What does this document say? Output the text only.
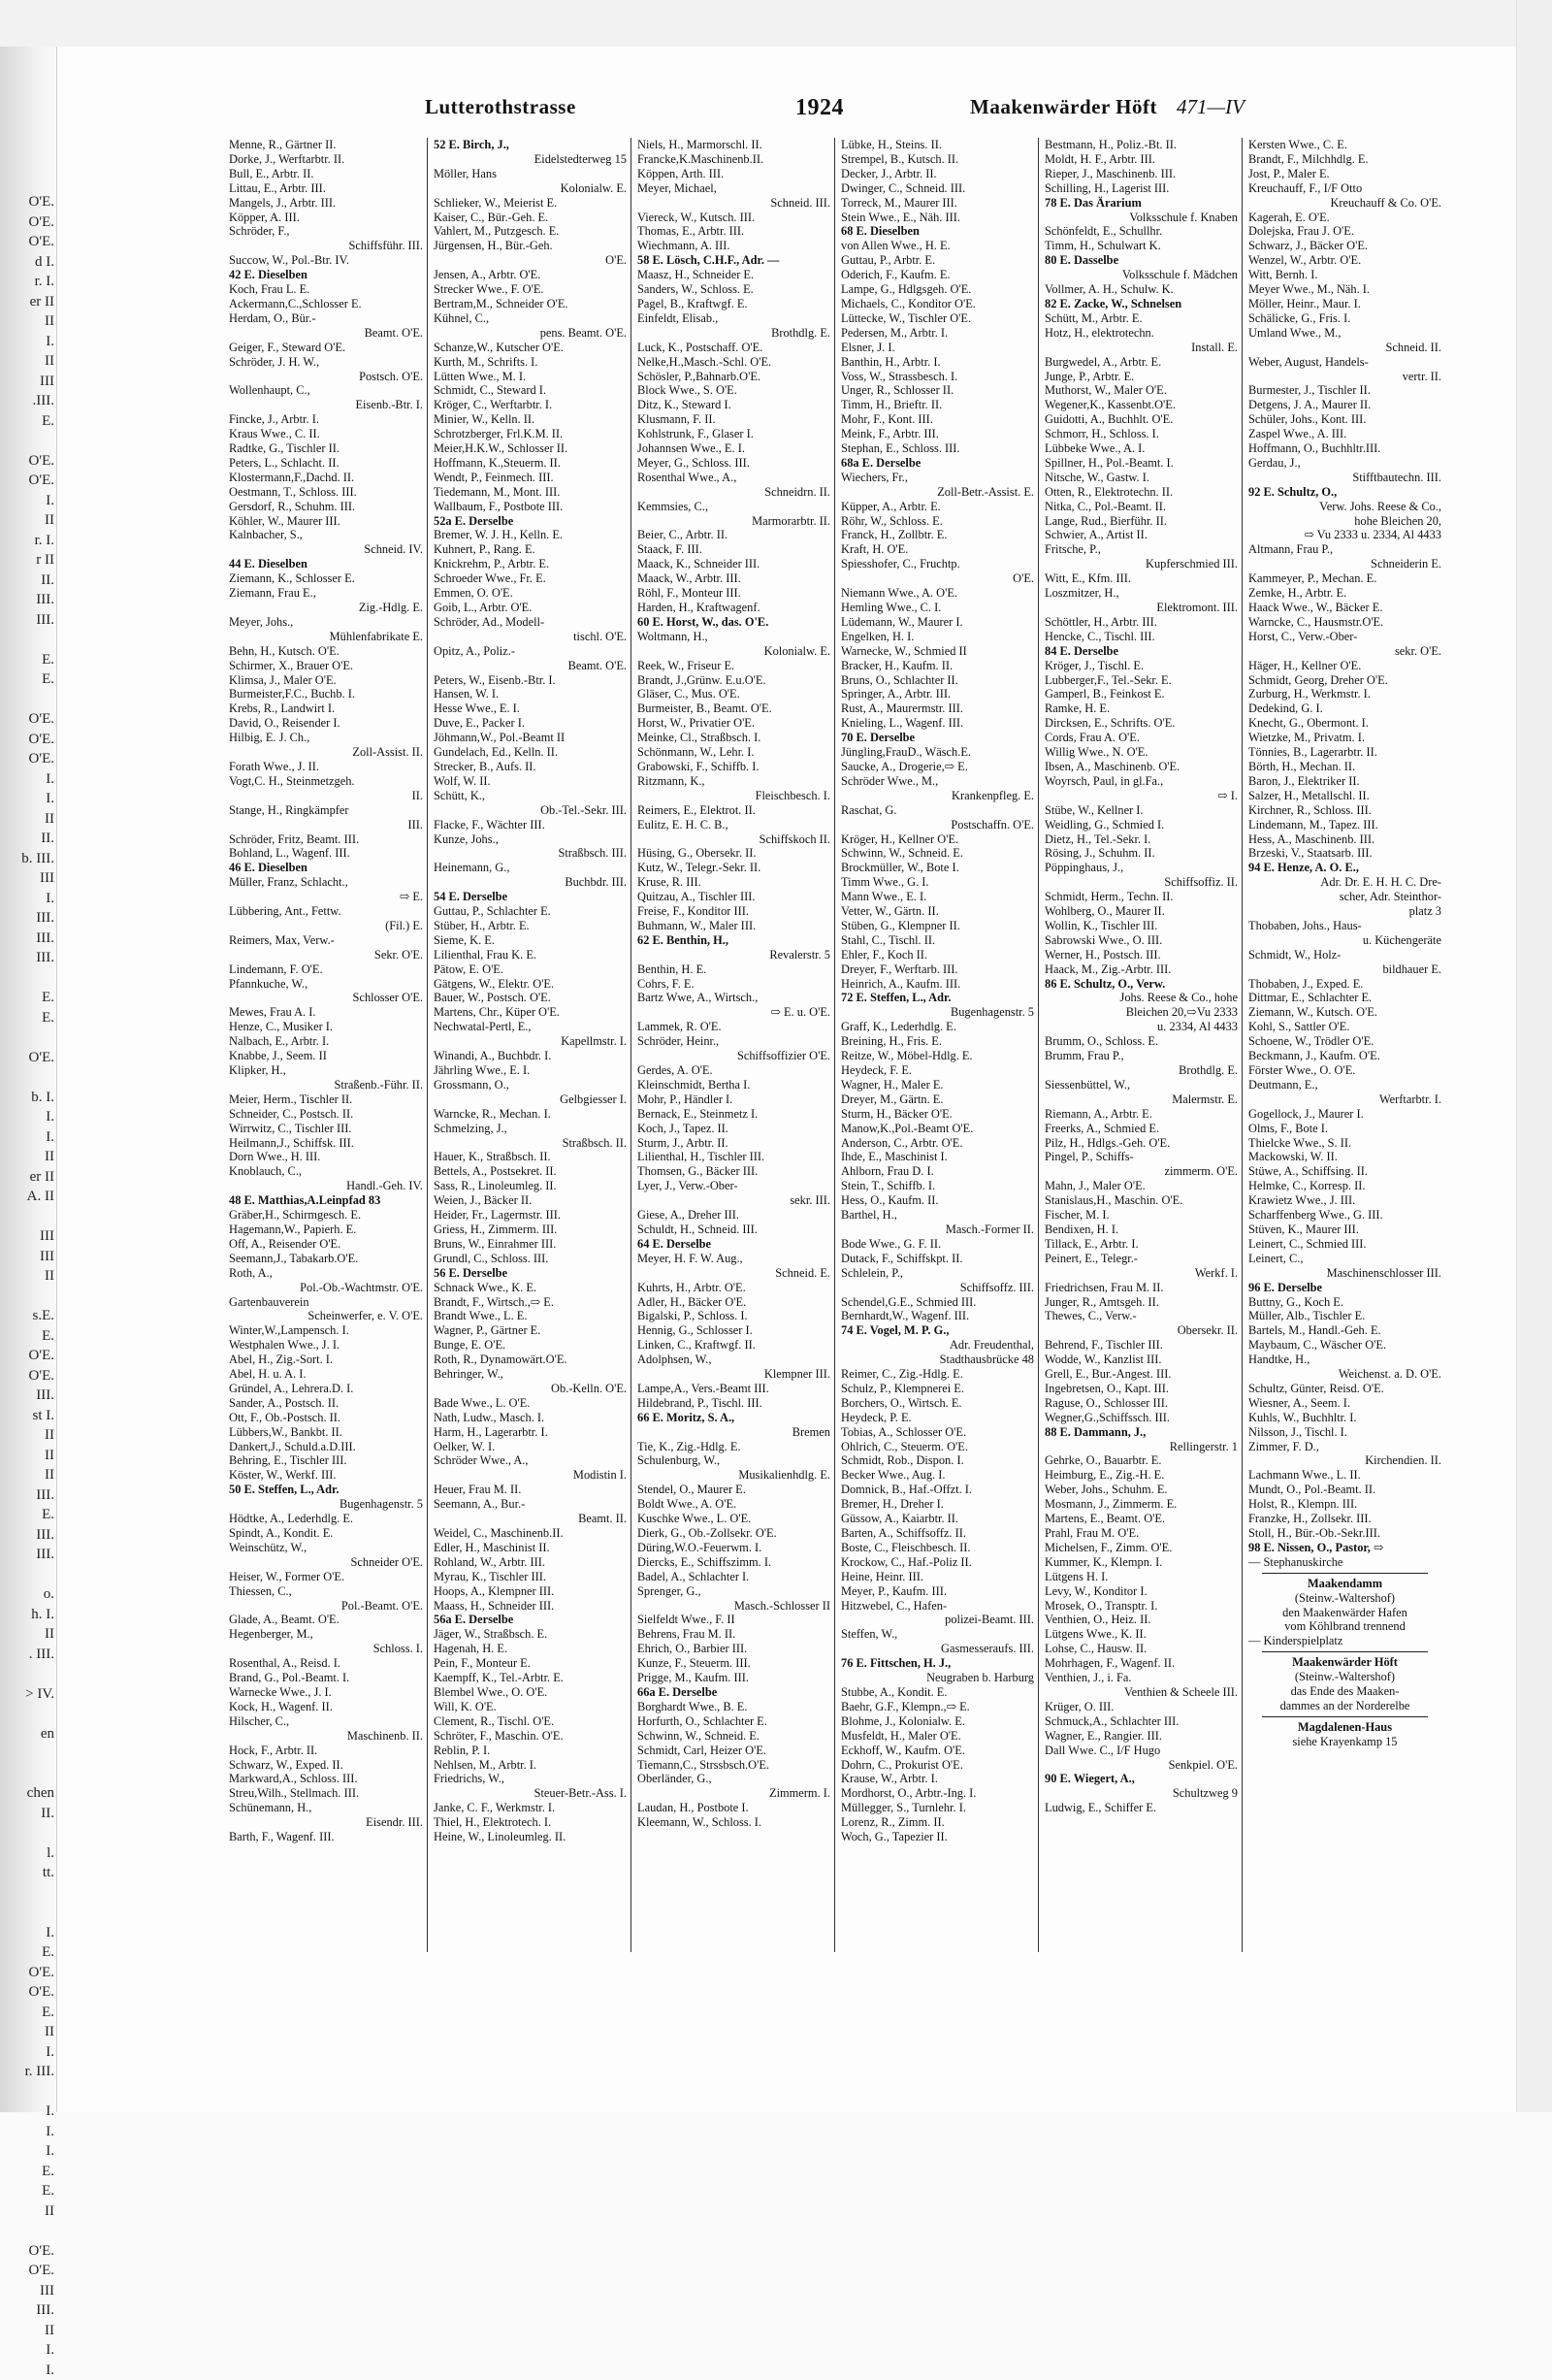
O'E.
O'E.
O'E.
d I.
r. I.
er II
II
I.
II
III
.III.
E.

O'E.
O'E.
I.
II
r. I.
r II
II.
III.
III.

E.
E.

O'E.
O'E.
O'E.
I.
I.
II
II.
b. III.
III
I.
III.
III.
III.

E.
E.

O'E.

b. I.
I.
I.
II
er II
A. II

III
III
II

s.E.
E.
O'E.
O'E.
III.
st I.
II
II
II
III.
E.
III.
III.

o.
h. I.
II
. III.

> IV.

en

chen
II.

l.
tt.

I.
E.
O'E.
O'E.
E.
II
I.
r. III.

I.
I.
I.
E.
E.
II

O'E.
O'E.
III
III.
II
I.
I.
Lutterothstrasse	1924	Maakenwärder Höft 471—IV
Menne, R., Gärtner II.
Dorke, J., Werftarbtr. II.
Bull, E., Arbtr. II.
Littau, E., Arbtr. III.
Mangels, J., Arbtr. III.
Köpper, A. III.
Schröder, F.,
Schiffsführ. III.
Succow, W., Pol.-Btr. IV.
42 E. Dieselben
Koch, Frau L. E.
Ackermann,C.,Schlosser E.
Herdam, O., Bür.-
Beamt. O'E.
Geiger, F., Steward O'E.
Schröder, J. H. W.,
Postsch. O'E.
Wollenhaupt, C.,
Eisenb.-Btr. I.
Fincke, J., Arbtr. I.
Kraus Wwe., C. II.
Radtke, G., Tischler II.
Peters, L., Schlacht. II.
Klostermann,F.,Dachd. II.
Oestmann, T., Schloss. III.
Gersdorf, R., Schuhm. III.
Köhler, W., Maurer III.
Kalnbacher, S.,
Schneid. IV.
44 E. Dieselben
Ziemann, K., Schlosser E.
Ziemann, Frau E.,
Zig.-Hdlg. E.
Meyer, Johs.,
Mühlenfabrikate E.
Behn, H., Kutsch. O'E.
Schirmer, X., Brauer O'E.
Klimsa, J., Maler O'E.
Burmeister,F.C., Buchb. I.
Krebs, R., Landwirt I.
David, O., Reisender I.
Hilbig, E. J. Ch.,
Zoll-Assist. II.
Forath Wwe., J. II.
Vogt,C. H., Steinmetzgeh.
II.
Stange, H., Ringkämpfer
III.
Schröder, Fritz, Beamt. III.
Bohland, L., Wagenf. III.
46 E. Dieselben
Müller, Franz, Schlacht.,
⇨ E.
Lübbering, Ant., Fettw.
(Fil.) E.
Reimers, Max, Verw.-
Sekr. O'E.
Lindemann, F. O'E.
Pfannkuche, W.,
Schlosser O'E.
Mewes, Frau A. I.
Henze, C., Musiker I.
Nalbach, E., Arbtr. I.
Knabbe, J., Seem. II
Klipker, H.,
Straßenb.-Führ. II.
Meier, Herm., Tischler II.
Schneider, C., Postsch. II.
Wirrwitz, C., Tischler III.
Heilmann,J., Schiffsk. III.
Dorn Wwe., H. III.
Knoblauch, C.,
Handl.-Geh. IV.
48 E. Matthias,A.Leinpfad 83
Gräber,H., Schirmgesch. E.
Hagemann,W., Papierh. E.
Off, A., Reisender O'E.
Seemann,J., Tabakarb.O'E.
Roth, A.,
Pol.-Ob.-Wachtmstr. O'E.
Gartenbauverein
Scheinwerfer, e. V. O'E.
Winter,W.,Lampensch. I.
Westphalen Wwe., J. I.
Abel, H., Zig.-Sort. I.
Abel, H. u. A. I.
Gründel, A., Lehrera.D. I.
Sander, A., Postsch. II.
Ott, F., Ob.-Postsch. II.
Lübbers,W., Bankbt. II.
Dankert,J., Schuld.a.D.III.
Behring, E., Tischler III.
Köster, W., Werkf. III.
50 E. Steffen, L., Adr.
Bugenhagenstr. 5
Hödtke, A., Lederhdlg. E.
Spindt, A., Kondit. E.
Weinschütz, W.,
Schneider O'E.
Heiser, W., Former O'E.
Thiessen, C.,
Pol.-Beamt. O'E.
Glade, A., Beamt. O'E.
Hegenberger, M.,
Schloss. I.
Rosenthal, A., Reisd. I.
Brand, G., Pol.-Beamt. I.
Warnecke Wwe., J. I.
Kock, H., Wagenf. II.
Hilscher, C.,
Maschinenb. II.
Hock, F., Arbtr. II.
Schwarz, W., Exped. II.
Markward,A., Schloss. III.
Streu,Wilh., Stellmach. III.
Schünemann, H.,
Eisendr. III.
Barth, F., Wagenf. III.
52 E. Birch, J.,
Eidelstedterweg 15
Möller, Hans
Kolonialw. E.
Schlieker, W., Meierist E.
Kaiser, C., Bür.-Geh. E.
Vahlert, M., Putzgesch. E.
Jürgensen, H., Bür.-Geh.
O'E.
Jensen, A., Arbtr. O'E.
Strecker Wwe., F. O'E.
Bertram,M., Schneider O'E.
Kühnel, C.,
pens. Beamt. O'E.
Schanze,W., Kutscher O'E.
Kurth, M., Schrifts. I.
Lütten Wwe., M. I.
Schmidt, C., Steward I.
Kröger, C., Werftarbtr. I.
Minier, W., Kelln. II.
Schrotzberger, Frl.K.M. II.
Meier,H.K.W., Schlosser II.
Hoffmann, K.,Steuerm. II.
Wendt, P., Feinmech. III.
Tiedemann, M., Mont. III.
Wallbaum, F., Postbote III.
52a E. Derselbe
Bremer, W. J. H., Kelln. E.
Kuhnert, P., Rang. E.
Knickrehm, P., Arbtr. E.
Schroeder Wwe., Fr. E.
Emmen, O. O'E.
Goib, L., Arbtr. O'E.
Schröder, Ad., Modell-
tischl. O'E.
Opitz, A., Poliz.-
Beamt. O'E.
Peters, W., Eisenb.-Btr. I.
Hansen, W. I.
Hesse Wwe., E. I.
Duve, E., Packer I.
Jöhmann,W., Pol.-Beamt II
Gundelach, Ed., Kelln. II.
Strecker, B., Aufs. II.
Wolf, W. II.
Schütt, K.,
Ob.-Tel.-Sekr. III.
Flacke, F., Wächter III.
Kunze, Johs.,
Straßbsch. III.
Heinemann, G.,
Buchbdr. III.
54 E. Derselbe
Guttau, P., Schlachter E.
Stüber, H., Arbtr. E.
Sieme, K. E.
Lilienthal, Frau K. E.
Pätow, E. O'E.
Gätgens, W., Elektr. O'E.
Bauer, W., Postsch. O'E.
Martens, Chr., Küper O'E.
Nechwatal-Pertl, E.,
Kapellmstr. I.
Winandi, A., Buchbdr. I.
Jährling Wwe., E. I.
Grossmann, O.,
Gelbgiesser I.
Warncke, R., Mechan. I.
Schmelzing, J.,
Straßbsch. II.
Hauer, K., Straßbsch. II.
Bettels, A., Postsekret. II.
Sass, R., Linoleumleg. II.
Weien, J., Bäcker II.
Heider, Fr., Lagermstr. III.
Griess, H., Zimmerm. III.
Bruns, W., Einrahmer III.
Grundl, C., Schloss. III.
56 E. Derselbe
Schnack Wwe., K. E.
Brandt, F., Wirtsch.,⇨ E.
Brandt Wwe., L. E.
Wagner, P., Gärtner E.
Bunge, E. O'E.
Roth, R., Dynamowärt.O'E.
Behringer, W.,
Ob.-Kelln. O'E.
Bade Wwe., L. O'E.
Nath, Ludw., Masch. I.
Harm, H., Lagerarbtr. I.
Oelker, W. I.
Schröder Wwe., A.,
Modistin I.
Heuer, Frau M. II.
Seemann, A., Bur.-
Beamt. II.
Weidel, C., Maschinenb.II.
Edler, H., Maschinist II.
Rohland, W., Arbtr. III.
Myrau, K., Tischler III.
Hoops, A., Klempner III.
Maass, H., Schneider III.
56a E. Derselbe
Jäger, W., Straßbsch. E.
Hagenah, H. E.
Pein, F., Monteur E.
Kaempff, K., Tel.-Arbtr. E.
Blembel Wwe., O. O'E.
Will, K. O'E.
Clement, R., Tischl. O'E.
Schröter, F., Maschin. O'E.
Reblin, P. I.
Nehlsen, M., Arbtr. I.
Friedrichs, W.,
Steuer-Betr.-Ass. I.
Janke, C. F., Werkmstr. I.
Thiel, H., Elektrotech. I.
Heine, W., Linoleumleg. II.
Niels, H., Marmorschl. II.
Francke,K.Maschinenb.II.
Köppen, Arth. III.
Meyer, Michael,
Schneid. III.
Viereck, W., Kutsch. III.
Thomas, E., Arbtr. III.
Wiechmann, A. III.
58 E. Lösch, C.H.F., Adr. —
Maasz, H., Schneider E.
Sanders, W., Schloss. E.
Pagel, B., Kraftwgf. E.
Einfeldt, Elisab.,
Brothdlg. E.
Luck, K., Postschaff. O'E.
Nelke,H.,Masch.-Schl. O'E.
Schösler, P.,Bahnarb.O'E.
Block Wwe., S. O'E.
Ditz, K., Steward I.
Klusmann, F. II.
Kohlstrunk, F., Glaser I.
Johannsen Wwe., E. I.
Meyer, G., Schloss. III.
Rosenthal Wwe., A.,
Schneidrn. II.
Kemmsies, C.,
Marmorarbtr. II.
Beier, C., Arbtr. II.
Staack, F. III.
Maack, K., Schneider III.
Maack, W., Arbtr. III.
Röhl, F., Monteur III.
Harden, H., Kraftwagenf.
60 E. Horst, W., das. O'E.
Woltmann, H.,
Kolonialw. E.
Reek, W., Friseur E.
Brandt, J.,Grünw. E.u.O'E.
Gläser, C., Mus. O'E.
Burmeister, B., Beamt. O'E.
Horst, W., Privatier O'E.
Meinke, Cl., Straßbsch. I.
Schönmann, W., Lehr. I.
Grabowski, F., Schiffb. I.
Ritzmann, K.,
Fleischbesch. I.
Reimers, E., Elektrot. II.
Eulitz, E. H. C. B.,
Schiffskoch II.
Hüsing, G., Obersekr. II.
Kutz, W., Telegr.-Sekr. II.
Kruse, R. III.
Quitzau, A., Tischler III.
Freise, F., Konditor III.
Buhmann, W., Maler III.
62 E. Benthin, H.,
Revalerstr. 5
Benthin, H. E.
Cohrs, F. E.
Bartz Wwe, A., Wirtsch.,
⇨ E. u. O'E.
Lammek, R. O'E.
Schröder, Heinr.,
Schiffsoffizier O'E.
Gerdes, A. O'E.
Kleinschmidt, Bertha I.
Mohr, P., Händler I.
Bernack, E., Steinmetz I.
Koch, J., Tapez. II.
Sturm, J., Arbtr. II.
Lilienthal, H., Tischler III.
Thomsen, G., Bäcker III.
Lyer, J., Verw.-Ober-
sekr. III.
Giese, A., Dreher III.
Schuldt, H., Schneid. III.
64 E. Derselbe
Meyer, H. F. W. Aug.,
Schneid. E.
Kuhrts, H., Arbtr. O'E.
Adler, H., Bäcker O'E.
Bigalski, P., Schloss. I.
Hennig, G., Schlosser I.
Linken, C., Kraftwgf. II.
Adolphsen, W.,
Klempner III.
Lampe,A., Vers.-Beamt III.
Hildebrand, P., Tischl. III.
66 E. Moritz, S. A.,
Bremen
Tie, K., Zig.-Hdlg. E.
Schulenburg, W.,
Musikalienhdlg. E.
Stendel, O., Maurer E.
Boldt Wwe., A. O'E.
Kuschke Wwe., L. O'E.
Dierk, G., Ob.-Zollsekr. O'E.
Düring,W.O.-Feuerwm. I.
Diercks, E., Schiffszimm. I.
Badel, A., Schlachter I.
Sprenger, G.,
Masch.-Schlosser II
Sielfeldt Wwe., F. II
Behrens, Frau M. II.
Ehrich, O., Barbier III.
Kunze, F., Steuerm. III.
Prigge, M., Kaufm. III.
66a E. Derselbe
Borghardt Wwe., B. E.
Horfurth, O., Schlachter E.
Schwinn, W., Schneid. E.
Schmidt, Carl, Heizer O'E.
Tiemann,C., Strssbsch.O'E.
Oberländer, G.,
Zimmerm. I.
Laudan, H., Postbote I.
Kleemann, W., Schloss. I.
Lübke, H., Steins. II.
Strempel, B., Kutsch. II.
Decker, J., Arbtr. II.
Dwinger, C., Schneid. III.
Torreck, M., Maurer III.
Stein Wwe., E., Näh. III.
68 E. Dieselben
von Allen Wwe., H. E.
Guttau, P., Arbtr. E.
Oderich, F., Kaufm. E.
Lampe, G., Hdlgsgeh. O'E.
Michaels, C., Konditor O'E.
Lüttecke, W., Tischler O'E.
Pedersen, M., Arbtr. I.
Elsner, J. I.
Banthin, H., Arbtr. I.
Voss, W., Strassbesch. I.
Unger, R., Schlosser II.
Timm, H., Brieftr. II.
Mohr, F., Kont. III.
Meink, F., Arbtr. III.
Stephan, E., Schloss. III.
68a E. Derselbe
Wiechers, Fr.,
Zoll-Betr.-Assist. E.
Küpper, A., Arbtr. E.
Röhr, W., Schloss. E.
Franck, H., Zollbtr. E.
Kraft, H. O'E.
Spiesshofer, C., Fruchtp.
O'E.
Niemann Wwe., A. O'E.
Hemling Wwe., C. I.
Lüdemann, W., Maurer I.
Engelken, H. I.
Warnecke, W., Schmied II
Bracker, H., Kaufm. II.
Bruns, O., Schlachter II.
Springer, A., Arbtr. III.
Rust, A., Maurermstr. III.
Knieling, L., Wagenf. III.
70 E. Derselbe
Jüngling,FrauD., Wäsch.E.
Saucke, A., Drogerie,⇨ E.
Schröder Wwe., M.,
Krankenpfleg. E.
Raschat, G.
Postschaffn. O'E.
Kröger, H., Kellner O'E.
Schwinn, W., Schneid. E.
Brockmüller, W., Bote I.
Timm Wwe., G. I.
Mann Wwe., E. I.
Vetter, W., Gärtn. II.
Stüben, G., Klempner II.
Stahl, C., Tischl. II.
Ehler, F., Koch II.
Dreyer, F., Werftarb. III.
Heinrich, A., Kaufm. III.
72 E. Steffen, L., Adr.
Bugenhagenstr. 5
Graff, K., Lederhdlg. E.
Breining, H., Fris. E.
Reitze, W., Möbel-Hdlg. E.
Heydeck, F. E.
Wagner, H., Maler E.
Dreyer, M., Gärtn. E.
Sturm, H., Bäcker O'E.
Manow,K.,Pol.-Beamt O'E.
Anderson, C., Arbtr. O'E.
Ihde, E., Maschinist I.
Ahlborn, Frau D. I.
Stein, T., Schiffb. I.
Hess, O., Kaufm. II.
Barthel, H.,
Masch.-Former II.
Bode Wwe., G. F. II.
Dutack, F., Schiffskpt. II.
Schlelein, P.,
Schiffsoffz. III.
Schendel,G.E., Schmied III.
Bernhardt,W., Wagenf. III.
74 E. Vogel, M. P. G.,
Adr. Freudenthal,
Stadthausbrücke 48
Reimer, C., Zig.-Hdlg. E.
Schulz, P., Klempnerei E.
Borchers, O., Wirtsch. E.
Heydeck, P. E.
Tobias, A., Schlosser O'E.
Ohlrich, C., Steuerm. O'E.
Schmidt, Rob., Dispon. I.
Becker Wwe., Aug. I.
Domnick, B., Haf.-Offzt. I.
Bremer, H., Dreher I.
Güssow, A., Kaiarbtr. II.
Barten, A., Schiffsoffz. II.
Boste, C., Fleischbesch. II.
Krockow, C., Haf.-Poliz II.
Heine, Heinr. III.
Meyer, P., Kaufm. III.
Hitzwebel, C., Hafen-
polizei-Beamt. III.
Steffen, W.,
Gasmesseraufs. III.
76 E. Fittschen, H. J.,
Neugraben b. Harburg
Stubbe, A., Kondit. E.
Baehr, G.F., Klempn.,⇨ E.
Blohme, J., Kolonialw. E.
Musfeldt, H., Maler O'E.
Eckhoff, W., Kaufm. O'E.
Dohrn, C., Prokurist O'E.
Krause, W., Arbtr. I.
Mordhorst, O., Arbtr.-Ing. I.
Müllegger, S., Turnlehr. I.
Lorenz, R., Zimm. II.
Woch, G., Tapezier II.
Bestmann, H., Poliz.-Bt. II.
Moldt, H. F., Arbtr. III.
Rieper, J., Maschinenb. III.
Schilling, H., Lagerist III.
78 E. Das Ärarium
Volksschule f. Knaben
Schönfeldt, E., Schullhr.
Timm, H., Schulwart K.
80 E. Dasselbe
Volksschule f. Mädchen
Vollmer, A. H., Schulw. K.
82 E. Zacke, W., Schnelsen
Schütt, M., Arbtr. E.
Hotz, H., elektrotechn.
Install. E.
Burgwedel, A., Arbtr. E.
Junge, P., Arbtr. E.
Muthorst, W., Maler O'E.
Wegener,K., Kassenbt.O'E.
Guidotti, A., Buchhlt. O'E.
Schmorr, H., Schloss. I.
Lübbeke Wwe., A. I.
Spillner, H., Pol.-Beamt. I.
Nitsche, W., Gastw. I.
Otten, R., Elektrotechn. II.
Nitka, C., Pol.-Beamt. II.
Lange, Rud., Bierführ. II.
Schwier, A., Artist II.
Fritsche, P.,
Kupferschmied III.
Witt, E., Kfm. III.
Loszmitzer, H.,
Elektromont. III.
Schöttler, H., Arbtr. III.
Hencke, C., Tischl. III.
84 E. Derselbe
Kröger, J., Tischl. E.
Lubberger,F., Tel.-Sekr. E.
Gamperl, B., Feinkost E.
Ramke, H. E.
Dircksen, E., Schrifts. O'E.
Cords, Frau A. O'E.
Willig Wwe., N. O'E.
Ibsen, A., Maschinenb. O'E.
Woyrsch, Paul, in gl.Fa.,
⇨ I.
Stübe, W., Kellner I.
Weidling, G., Schmied I.
Dietz, H., Tel.-Sekr. I.
Rösing, J., Schuhm. II.
Pöppinghaus, J.,
Schiffsoffiz. II.
Schmidt, Herm., Techn. II.
Wohlberg, O., Maurer II.
Wollin, K., Tischler III.
Sabrowski Wwe., O. III.
Werner, H., Postsch. III.
Haack, M., Zig.-Arbtr. III.
86 E. Schultz, O., Verw.
Johs. Reese & Co., hohe
Bleichen 20,⇨Vu 2333
u. 2334, Al 4433
Brumm, O., Schloss. E.
Brumm, Frau P.,
Brothdlg. E.
Siessenbüttel, W.,
Malermstr. E.
Riemann, A., Arbtr. E.
Freerks, A., Schmied E.
Pilz, H., Hdlgs.-Geh. O'E.
Pingel, P., Schiffs-
zimmerm. O'E.
Mahn, J., Maler O'E.
Stanislaus,H., Maschin. O'E.
Fischer, M. I.
Bendixen, H. I.
Tillack, E., Arbtr. I.
Peinert, E., Telegr.-
Werkf. I.
Friedrichsen, Frau M. II.
Junger, R., Amtsgeh. II.
Thewes, C., Verw.-
Obersekr. II.
Behrend, F., Tischler III.
Wodde, W., Kanzlist III.
Grell, E., Bur.-Angest. III.
Ingebretsen, O., Kapt. III.
Raguse, O., Schlosser III.
Wegner,G.,Schiffssch. III.
88 E. Dammann, J.,
Rellingerstr. 1
Gehrke, O., Bauarbtr. E.
Heimburg, E., Zig.-H. E.
Weber, Johs., Schuhm. E.
Mosmann, J., Zimmerm. E.
Martens, E., Beamt. O'E.
Prahl, Frau M. O'E.
Michelsen, F., Zimm. O'E.
Kummer, K., Klempn. I.
Lütgens H. I.
Levy, W., Konditor I.
Mrosek, O., Transptr. I.
Venthien, O., Heiz. II.
Lütgens Wwe., K. II.
Lohse, C., Hausw. II.
Mohrhagen, F., Wagenf. II.
Venthien, J., i. Fa.
Venthien & Scheele III.
Krüger, O. III.
Schmuck,A., Schlachter III.
Wagner, E., Rangier. III.
Dall Wwe. C., I/F Hugo
Senkpiel. O'E.
90 E. Wiegert, A.,
Schultzweg 9
Ludwig, E., Schiffer E.
Kersten Wwe., C. E.
Brandt, F., Milchhdlg. E.
Jost, P., Maler E.
Kreuchauff, F., I/F Otto
Kreuchauff & Co. O'E.
Kagerah, E. O'E.
Dolejska, Frau J. O'E.
Schwarz, J., Bäcker O'E.
Wenzel, W., Arbtr. O'E.
Witt, Bernh. I.
Meyer Wwe., M., Näh. I.
Möller, Heinr., Maur. I.
Schälicke, G., Fris. I.
Umland Wwe., M.,
Schneid. II.
Weber, August, Handels-
vertr. II.
Burmester, J., Tischler II.
Detgens, J. A., Maurer II.
Schüler, Johs., Kont. III.
Zaspel Wwe., A. III.
Hoffmann, O., Buchhltr.III.
Gerdau, J.,
Stifftbautechn. III.
92 E. Schultz, O.,
Verw. Johs. Reese & Co.,
hohe Bleichen 20,
⇨ Vu 2333 u. 2334, Al 4433
Altmann, Frau P.,
Schneiderin E.
Kammeyer, P., Mechan. E.
Zemke, H., Arbtr. E.
Haack Wwe., W., Bäcker E.
Warncke, C., Hausmstr.O'E.
Horst, C., Verw.-Ober-
sekr. O'E.
Häger, H., Kellner O'E.
Schmidt, Georg, Dreher O'E.
Zurburg, H., Werkmstr. I.
Dedekind, G. I.
Knecht, G., Obermont. I.
Wietzke, M., Privatm. I.
Tönnies, B., Lagerarbtr. II.
Börth, H., Mechan. II.
Baron, J., Elektriker II.
Salzer, H., Metallschl. II.
Kirchner, R., Schloss. III.
Lindemann, M., Tapez. III.
Hess, A., Maschinenb. III.
Brzeski, V., Staatsarb. III.
94 E. Henze, A. O. E.,
Adr. Dr. E. H. H. C. Dre-
scher, Adr. Steinthor-
platz 3
Thobaben, Johs., Haus-
u. Küchengeräte
Schmidt, W., Holz-
bildhauer E.
Thobaben, J., Exped. E.
Dittmar, E., Schlachter E.
Ziemann, W., Kutsch. O'E.
Kohl, S., Sattler O'E.
Schoene, W., Trödler O'E.
Beckmann, J., Kaufm. O'E.
Förster Wwe., O. O'E.
Deutmann, E.,
Werftarbtr. I.
Gogellock, J., Maurer I.
Olms, F., Bote I.
Thielcke Wwe., S. II.
Mackowski, W. II.
Stüwe, A., Schiffsing. II.
Helmke, C., Korresp. II.
Krawietz Wwe., J. III.
Scharffenberg Wwe., G. III.
Stüven, K., Maurer III.
Leinert, C., Schmied III.
Leinert, C.,
Maschinenschlosser III.
96 E. Derselbe
Buttny, G., Koch E.
Müller, Alb., Tischler E.
Bartels, M., Handl.-Geh. E.
Maybaum, C., Wäscher O'E.
Handtke, H.,
Weichenst. a. D. O'E.
Schultz, Günter, Reisd. O'E.
Wiesner, A., Seem. I.
Kuhls, W., Buchhltr. I.
Nilsson, J., Tischl. I.
Zimmer, F. D.,
Kirchendien. II.
Lachmann Wwe., L. II.
Mundt, O., Pol.-Beamt. II.
Holst, R., Klempn. III.
Franzke, H., Zollsekr. III.
Stoll, H., Bür.-Ob.-Sekr.III.
98 E. Nissen, O., Pastor, ⇨
— Stephanuskirche
Maakendamm
(Steinw.-Waltershof)
den Maakenwärder Hafen
vom Köhlbrand trennend
— Kinderspielplatz
Maakenwärder Höft
(Steinw.-Waltershof)
das Ende des Maaken-
dammes an der Norderelbe
Magdalenen-Haus
siehe Krayenkamp 15
